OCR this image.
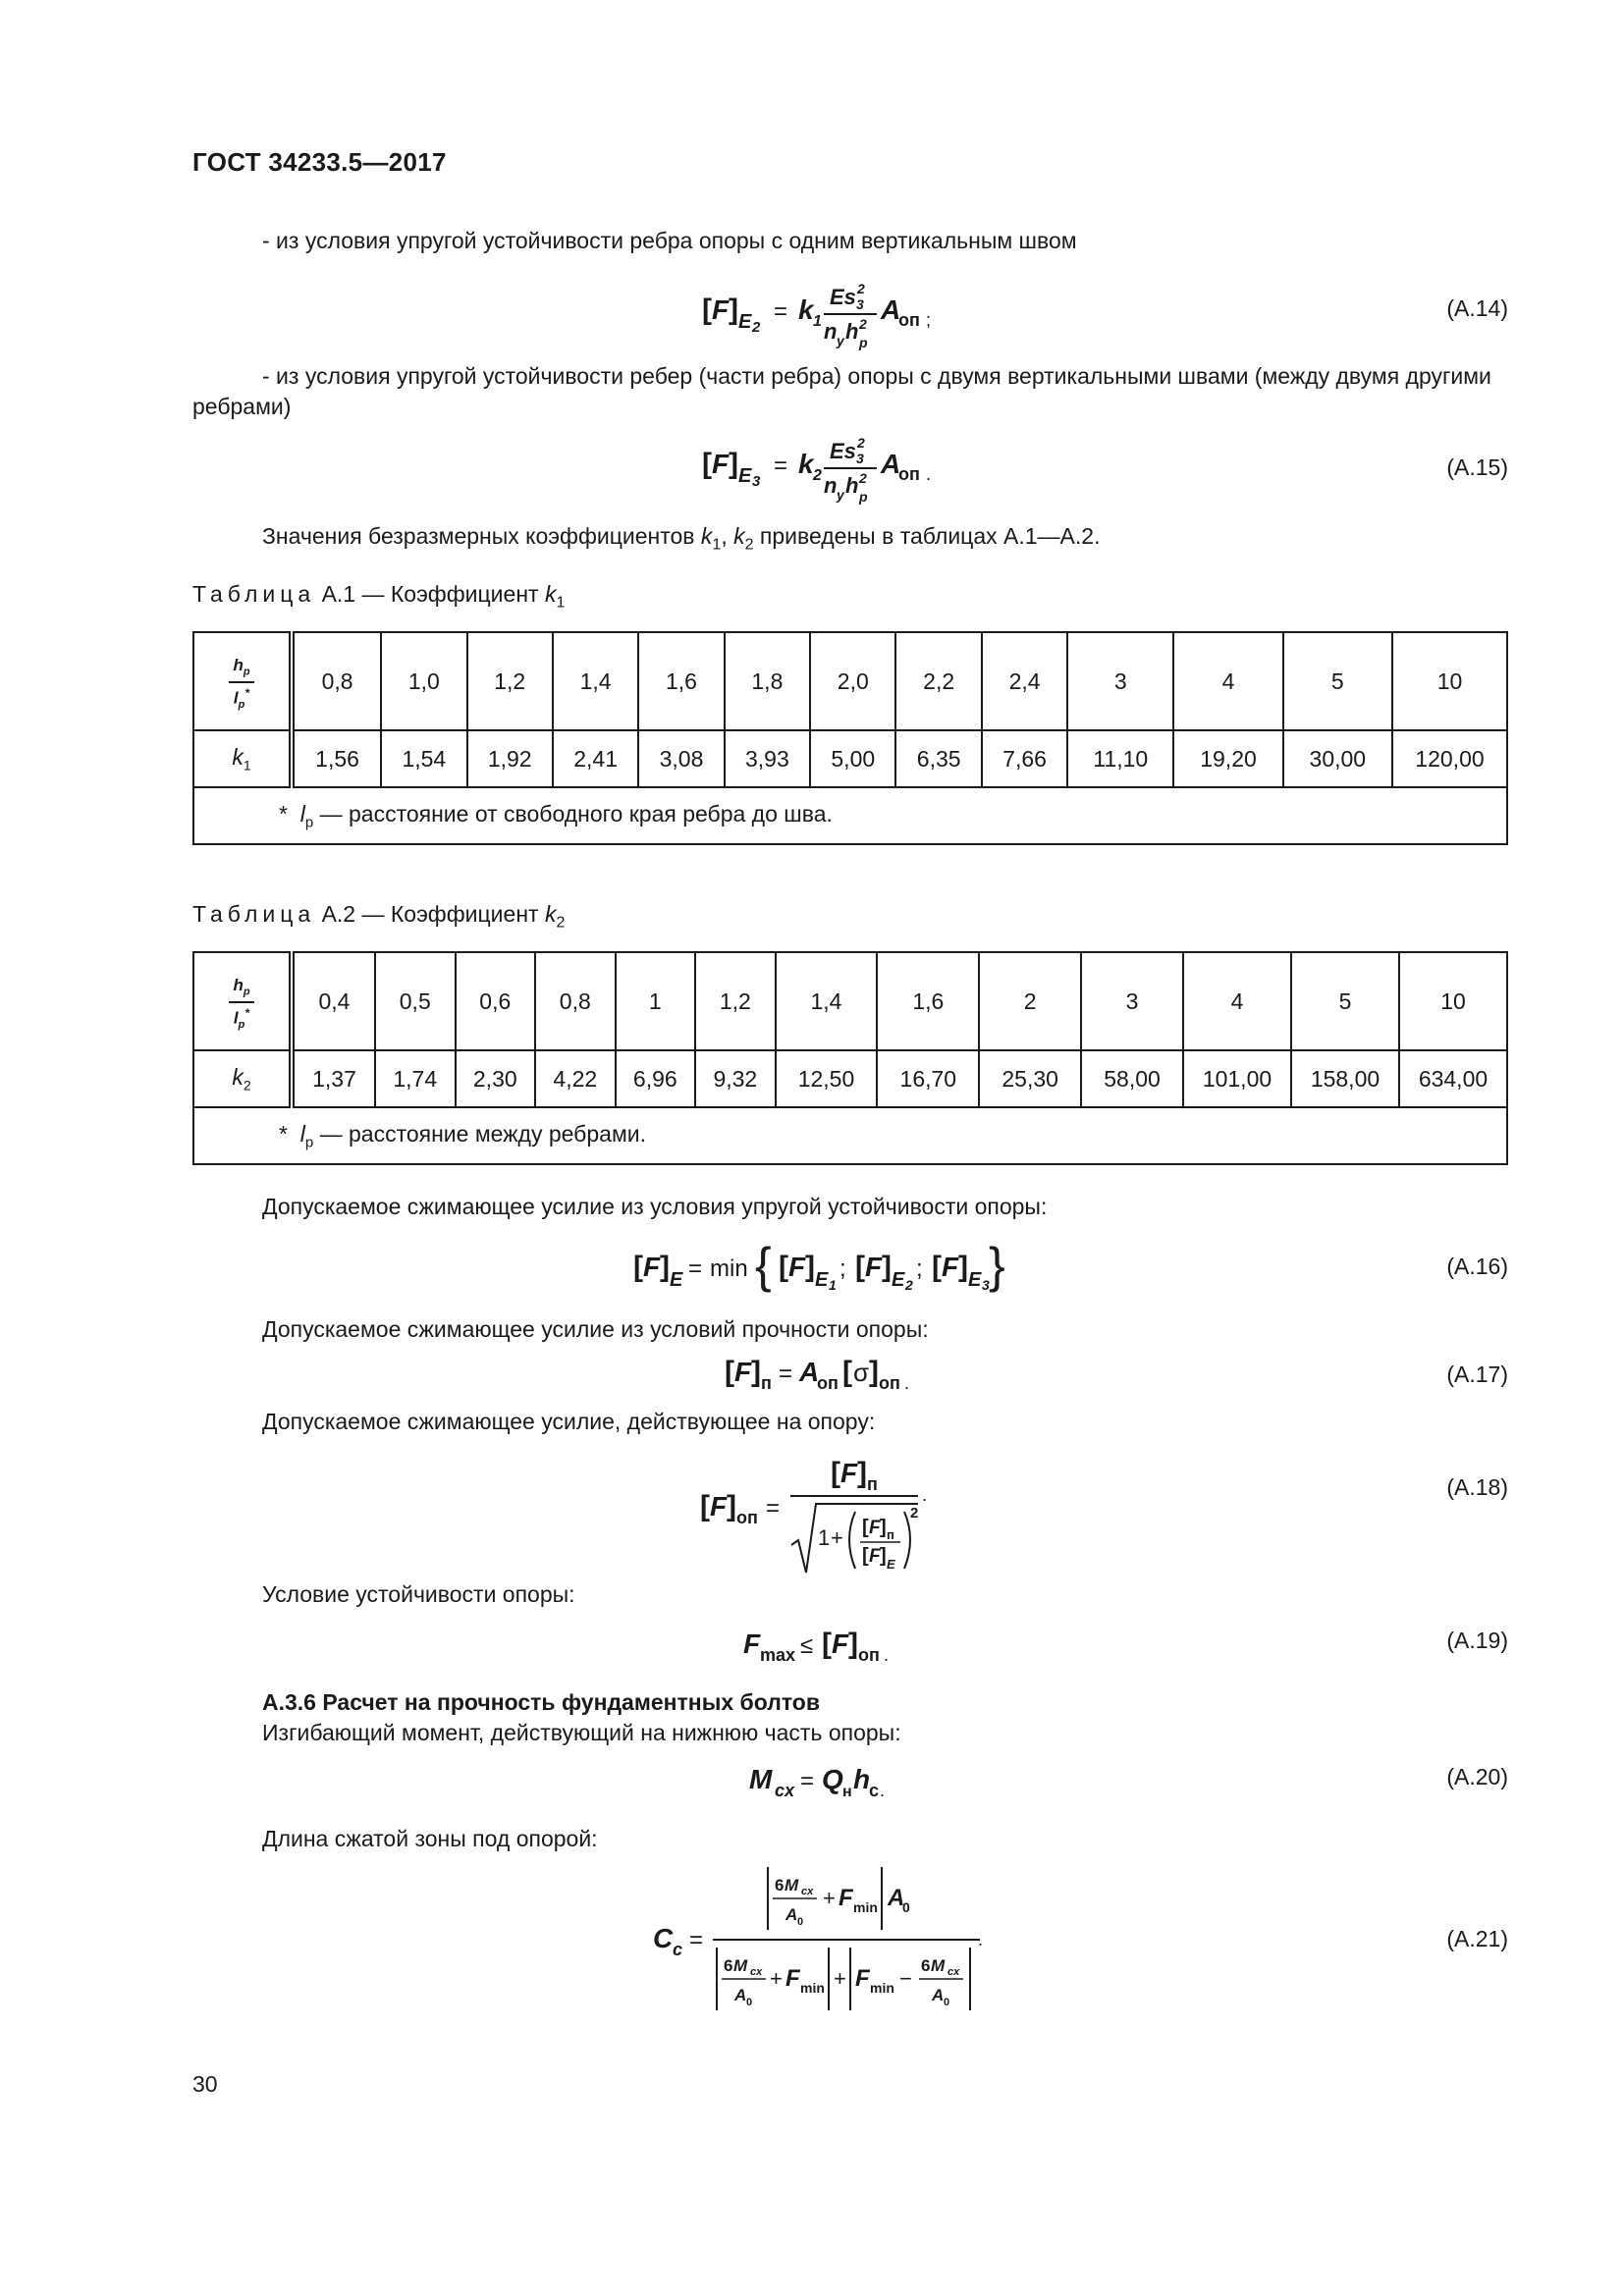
ГОСТ 34233.5—2017
- из условия упругой устойчивости ребра опоры с одним вертикальным швом
[ F ] E 2
= k 1
Es 2
3
n y h 2
p
A
оп ;	(А.14)
- из условия упругой устойчивости ребер (части ребра) опоры с двумя вертикальными швами (между двумя другими ребрами)
[ F ] E 3
= k 2
Es 2
3
n y h 2
p
A
оп .	(А.15)
Значения безразмерных коэффициентов $k_1$, $k_2$ приведены в таблицах А.1—А.2.
Таблица А.1 — Коэффициент $k_1$
$\frac{h_p}{l_p^*}$	0,8	1,0	1,2	1,4	1,6	1,8	2,0	2,2	2,4	3	4	5	10
$k_1$	1,56	1,54	1,92	2,41	3,08	3,93	5,00	6,35	7,66	11,10	19,20	30,00	120,00
* $l_p$ — расстояние от свободного края ребра до шва.													
Таблица А.2 — Коэффициент $k_2$
$\frac{h_p}{l_p^*}$	0,4	0,5	0,6	0,8	1	1,2	1,4	1,6	2	3	4	5	10
$k_2$	1,37	1,74	2,30	4,22	6,96	9,32	12,50	16,70	25,30	58,00	101,00	158,00	634,00
* $l_p$ — расстояние между ребрами.													
Допускаемое сжимающее усилие из условия упругой устойчивости опоры:
[ F ] E = min { [ F ] E 1
; [ F ] E 2
; [ F ] E 3 }	(А.16)
Допускаемое сжимающее усилие из условий прочности опоры:
[ F ] п = A
оп [ σ ] оп .	(А.17)
Допускаемое сжимающее усилие, действующее на опору:
[ F ] оп =
[ F ] п
1 + [ F ] п
[ F ] E
2
.	(А.18)
Условие устойчивости опоры:
F max ≤ [ F ] оп .
(А.19)
А.3.6 Расчет на прочность фундаментных болтов
Изгибающий момент, действующий на нижнюю часть опоры:
M cx = Q н h
c .
(А.20)
Длина сжатой зоны под опорой:
C c =
6 M cx
A 0
+ F min A
0
6 M cx
A 0
+ F min + F min −
6 M cx
A 0
.	(А.21)
30
